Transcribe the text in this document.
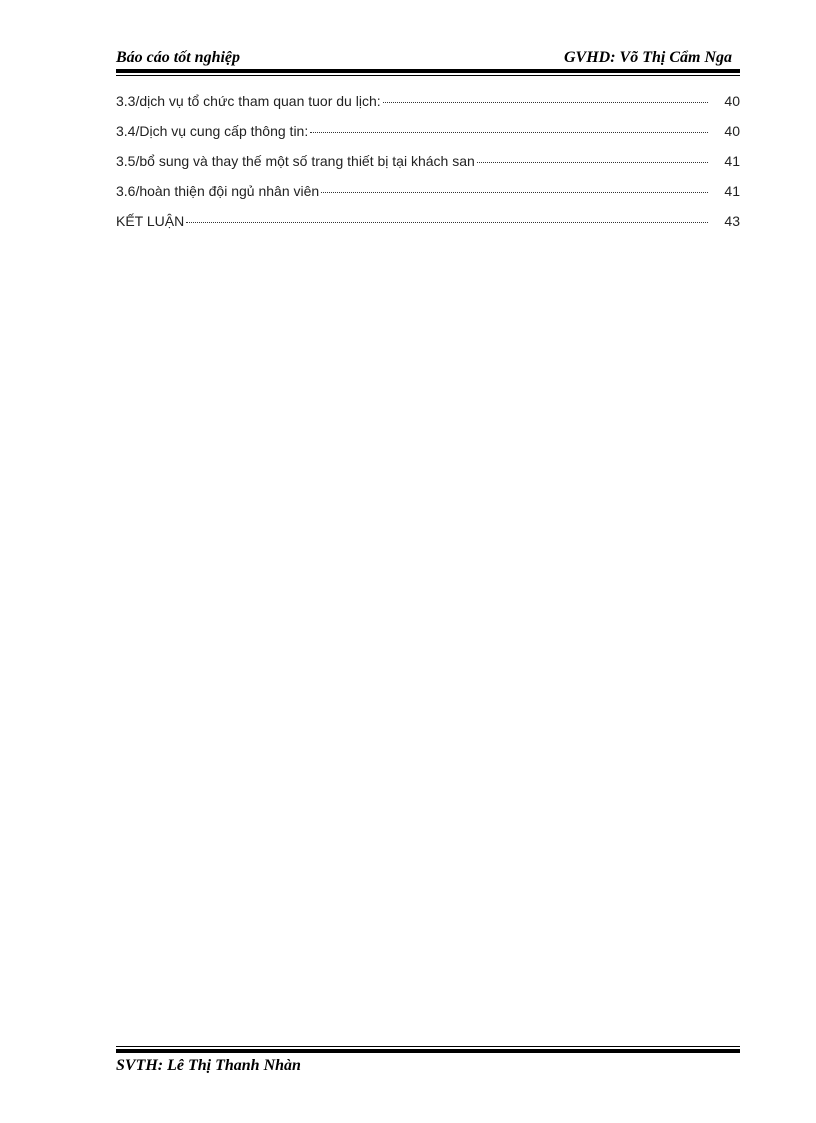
Báo cáo tốt nghiệp	GVHD: Võ Thị Cẩm Nga
3.3/dịch vụ tổ chức tham quan tuor du lịch:	40
3.4/Dịch vụ cung cấp thông tin:	40
3.5/bổ sung và thay thế một số trang thiết bị tại khách san	41
3.6/hoàn thiện đội ngủ nhân viên	41
KẾT LUẬN	43
SVTH: Lê Thị Thanh Nhàn
